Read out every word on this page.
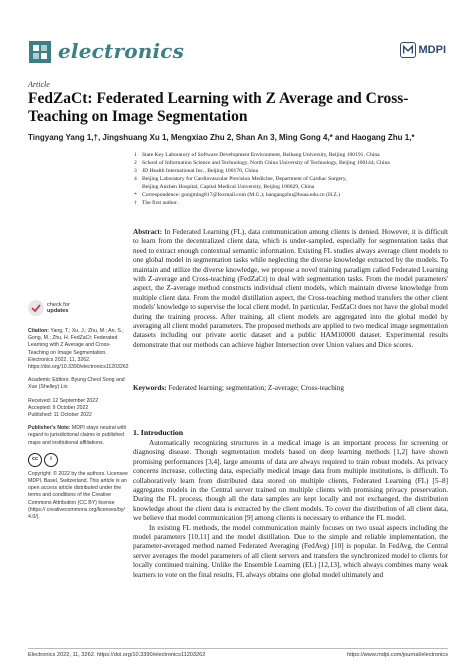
electronics	MDPI
Article
FedZaCt: Federated Learning with Z Average and Cross-Teaching on Image Segmentation
Tingyang Yang 1,†, Jingshuang Xu 1, Mengxiao Zhu 2, Shan An 3, Ming Gong 4,* and Haogang Zhu 1,*
1 State Key Laboratory of Software Development Environment, Beihang University, Beijing 100191, China
2 School of Information Science and Technology, North China University of Technology, Beijing 100144, China
3 JD Health International Inc., Beijing 100176, China
4 Beijing Laboratory for Cardiovascular Precision Medicine, Department of Cardiac Surgery,
Beijing Anzhen Hospital, Capital Medical University, Beijing 100029, China
* Correspondence: gongming817@foxmail.com (M.G.); haogangzhu@buaa.edu.cn (H.Z.)
† The first author.
Abstract: In Federated Learning (FL), data communication among clients is denied. However, it is difficult to learn from the decentralized client data, which is under-sampled, especially for segmentation tasks that need to extract enough contextual semantic information. Existing FL studies always average client models to one global model in segmentation tasks while neglecting the diverse knowledge extracted by the models. To maintain and utilize the diverse knowledge, we propose a novel training paradigm called Federated Learning with Z-average and Cross-teaching (FedZaCt) to deal with segmentation tasks. From the model parameters' aspect, the Z-average method constructs individual client models, which maintain diverse knowledge from multiple client data. From the model distillation aspect, the Cross-teaching method transfers the other client models' knowledge to supervise the local client model. In particular, FedZaCt does not have the global model during the training process. After training, all client models are aggregated into the global model by averaging all client model parameters. The proposed methods are applied to two medical image segmentation datasets including our private aortic dataset and a public HAM10000 dataset. Experimental results demonstrate that our methods can achieve higher Intersection over Union values and Dice scores.
Keywords: Federated learning; segmentation; Z-average; Cross-teaching
check for
updates
Citation: Yang, T.; Xu, J.; Zhu, M.; An, S.; Gong, M.; Zhu, H. FedZaCt: Federated Learning with Z Average and Cross-Teaching on Image Segmentation. Electronics 2022, 11, 3262. https://doi.org/10.3390/electronics11203262
Academic Editors: Byung Cheol Song and Xue (Shelley) Lin
Received: 12 September 2022
Accepted: 9 October 2022
Published: 11 October 2022
Publisher's Note: MDPI stays neutral with regard to jurisdictional claims in published maps and institutional affiliations.
cc	i
Copyright: © 2022 by the authors. Licensee MDPI, Basel, Switzerland. This article is an open access article distributed under the terms and conditions of the Creative Commons Attribution (CC BY) license (https:// creativecommons.org/licenses/by/ 4.0/).
1. Introduction

Automatically recognizing structures in a medical image is an important process for screening or diagnosing disease. Though segmentation models based on deep learning methods [1,2] have shown promising performances [3,4], large amounts of data are always required to train robust models. As privacy concerns increase, collecting data, especially medical image data from multiple institutions, is difficult. To collaboratively learn from distributed data stored on multiple clients, Federated Learning (FL) [5–8] aggregates models in the Central server trained on multiple clients with promising privacy preservation. During the FL process, though all the data samples are kept locally and not exchanged, the distribution knowledge about the client data is extracted by the client models. To cover the distribution of all client data, we believe that model communication [9] among clients is necessary to enhance the FL model.

In existing FL methods, the model communication mainly focuses on two usual aspects including the model parameters [10,11] and the model distillation. Due to the simple and reliable implementation, the parameter-averaged method named Federated Averaging (FedAvg) [10] is popular. In FedAvg, the Central server averages the model parameters of all client servers and transfers the synchronized model to clients for locally continued training. Unlike the Ensemble Learning (EL) [12,13], which always combines many weak learners to vote on the final results, FL always obtains one global model ultimately and

Electronics 2022, 11, 3262. https://doi.org/10.3390/electronics11203262	https://www.mdpi.com/journal/electronics
